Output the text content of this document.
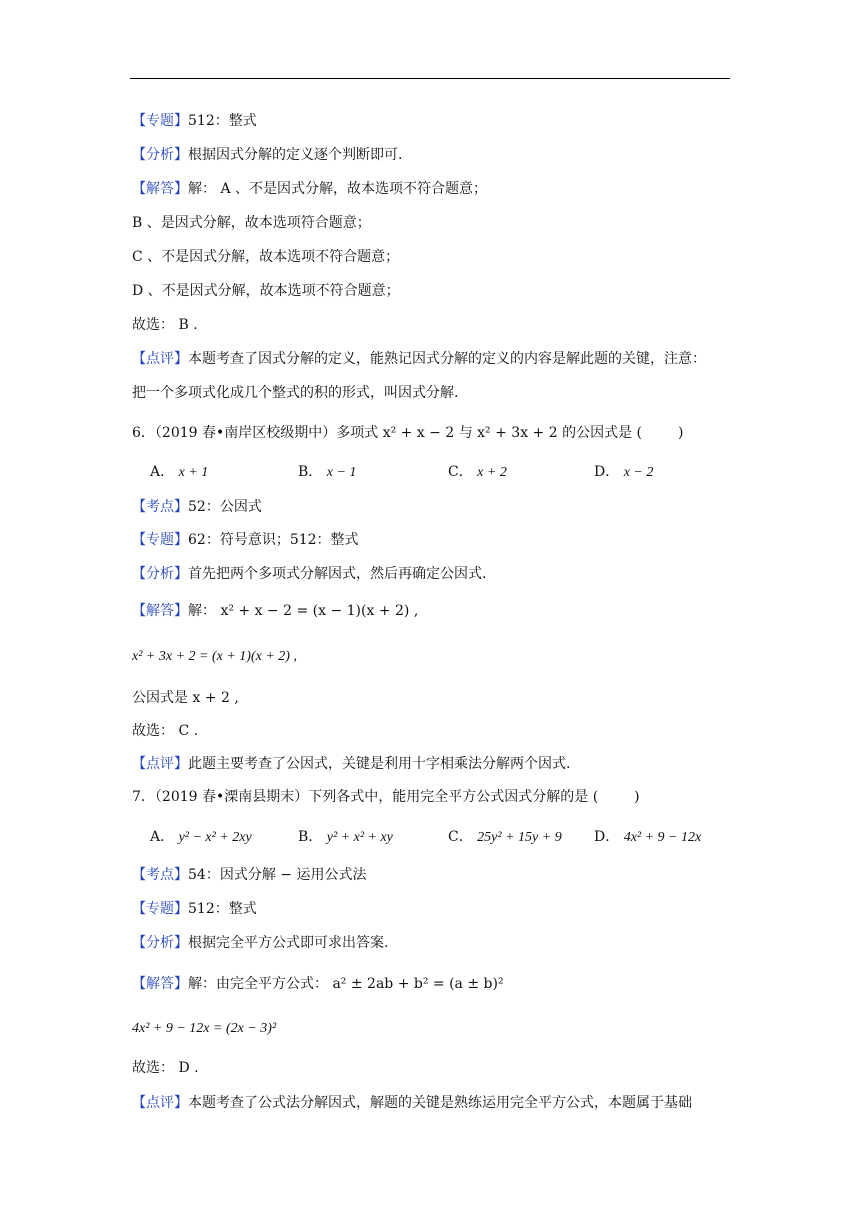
【专题】512：整式
【分析】根据因式分解的定义逐个判断即可.
【解答】解： A 、不是因式分解，故本选项不符合题意；
B 、是因式分解，故本选项符合题意；
C 、不是因式分解，故本选项不符合题意；
D 、不是因式分解，故本选项不符合题意；
故选： B .
【点评】本题考查了因式分解的定义，能熟记因式分解的定义的内容是解此题的关键，注意：
把一个多项式化成几个整式的积的形式，叫因式分解.
6．（2019 春•南岸区校级期中）多项式 x² + x − 2 与 x² + 3x + 2 的公因式是 (	)
A． x + 1	B． x − 1	C． x + 2	D． x − 2
【考点】52：公因式
【专题】62：符号意识；512：整式
【分析】首先把两个多项式分解因式，然后再确定公因式.
【解答】解： x² + x − 2 = (x − 1)(x + 2) ,
x² + 3x + 2 = (x + 1)(x + 2) ,
公因式是 x + 2 ,
故选： C .
【点评】此题主要考查了公因式，关键是利用十字相乘法分解两个因式.
7．（2019 春•溧南县期末）下列各式中，能用完全平方公式因式分解的是 (	)
A． y² − x² + 2xy	B． y² + x² + xy	C． 25y² + 15y + 9 D． 4x² + 9 − 12x
【考点】54：因式分解 − 运用公式法
【专题】512：整式
【分析】根据完全平方公式即可求出答案.
【解答】解：由完全平方公式： a² ± 2ab + b² = (a ± b)²
4x² + 9 − 12x = (2x − 3)²
故选： D .
【点评】本题考查了公式法分解因式，解题的关键是熟练运用完全平方公式，本题属于基础
